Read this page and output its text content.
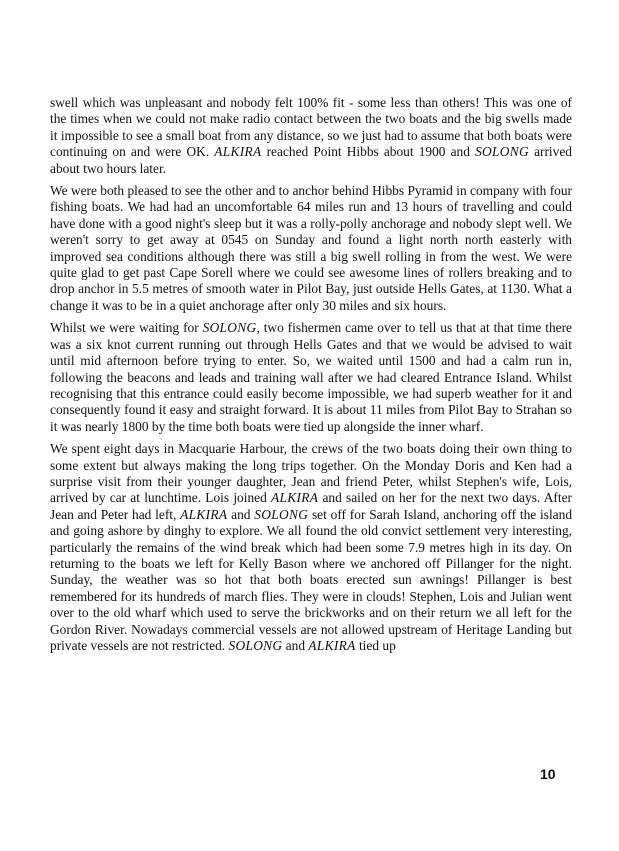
swell which was unpleasant and nobody felt 100% fit - some less than others! This was one of the times when we could not make radio contact between the two boats and the big swells made it impossible to see a small boat from any distance, so we just had to assume that both boats were continuing on and were OK. ALKIRA reached Point Hibbs about 1900 and SOLONG arrived about two hours later.

We were both pleased to see the other and to anchor behind Hibbs Pyramid in company with four fishing boats. We had had an uncomfortable 64 miles run and 13 hours of travelling and could have done with a good night's sleep but it was a rolly-polly anchorage and nobody slept well. We weren't sorry to get away at 0545 on Sunday and found a light north north easterly with improved sea conditions although there was still a big swell rolling in from the west. We were quite glad to get past Cape Sorell where we could see awesome lines of rollers breaking and to drop anchor in 5.5 metres of smooth water in Pilot Bay, just outside Hells Gates, at 1130. What a change it was to be in a quiet anchorage after only 30 miles and six hours.

Whilst we were waiting for SOLONG, two fishermen came over to tell us that at that time there was a six knot current running out through Hells Gates and that we would be advised to wait until mid afternoon before trying to enter. So, we waited until 1500 and had a calm run in, following the beacons and leads and training wall after we had cleared Entrance Island. Whilst recognising that this entrance could easily become impossible, we had superb weather for it and consequently found it easy and straight forward. It is about 11 miles from Pilot Bay to Strahan so it was nearly 1800 by the time both boats were tied up alongside the inner wharf.

We spent eight days in Macquarie Harbour, the crews of the two boats doing their own thing to some extent but always making the long trips together. On the Monday Doris and Ken had a surprise visit from their younger daughter, Jean and friend Peter, whilst Stephen's wife, Lois, arrived by car at lunchtime. Lois joined ALKIRA and sailed on her for the next two days. After Jean and Peter had left, ALKIRA and SOLONG set off for Sarah Island, anchoring off the island and going ashore by dinghy to explore. We all found the old convict settlement very interesting, particularly the remains of the wind break which had been some 7.9 metres high in its day. On returning to the boats we left for Kelly Bason where we anchored off Pillanger for the night. Sunday, the weather was so hot that both boats erected sun awnings! Pillanger is best remembered for its hundreds of march flies. They were in clouds! Stephen, Lois and Julian went over to the old wharf which used to serve the brickworks and on their return we all left for the Gordon River. Nowadays commercial vessels are not allowed upstream of Heritage Landing but private vessels are not restricted. SOLONG and ALKIRA tied up

10
